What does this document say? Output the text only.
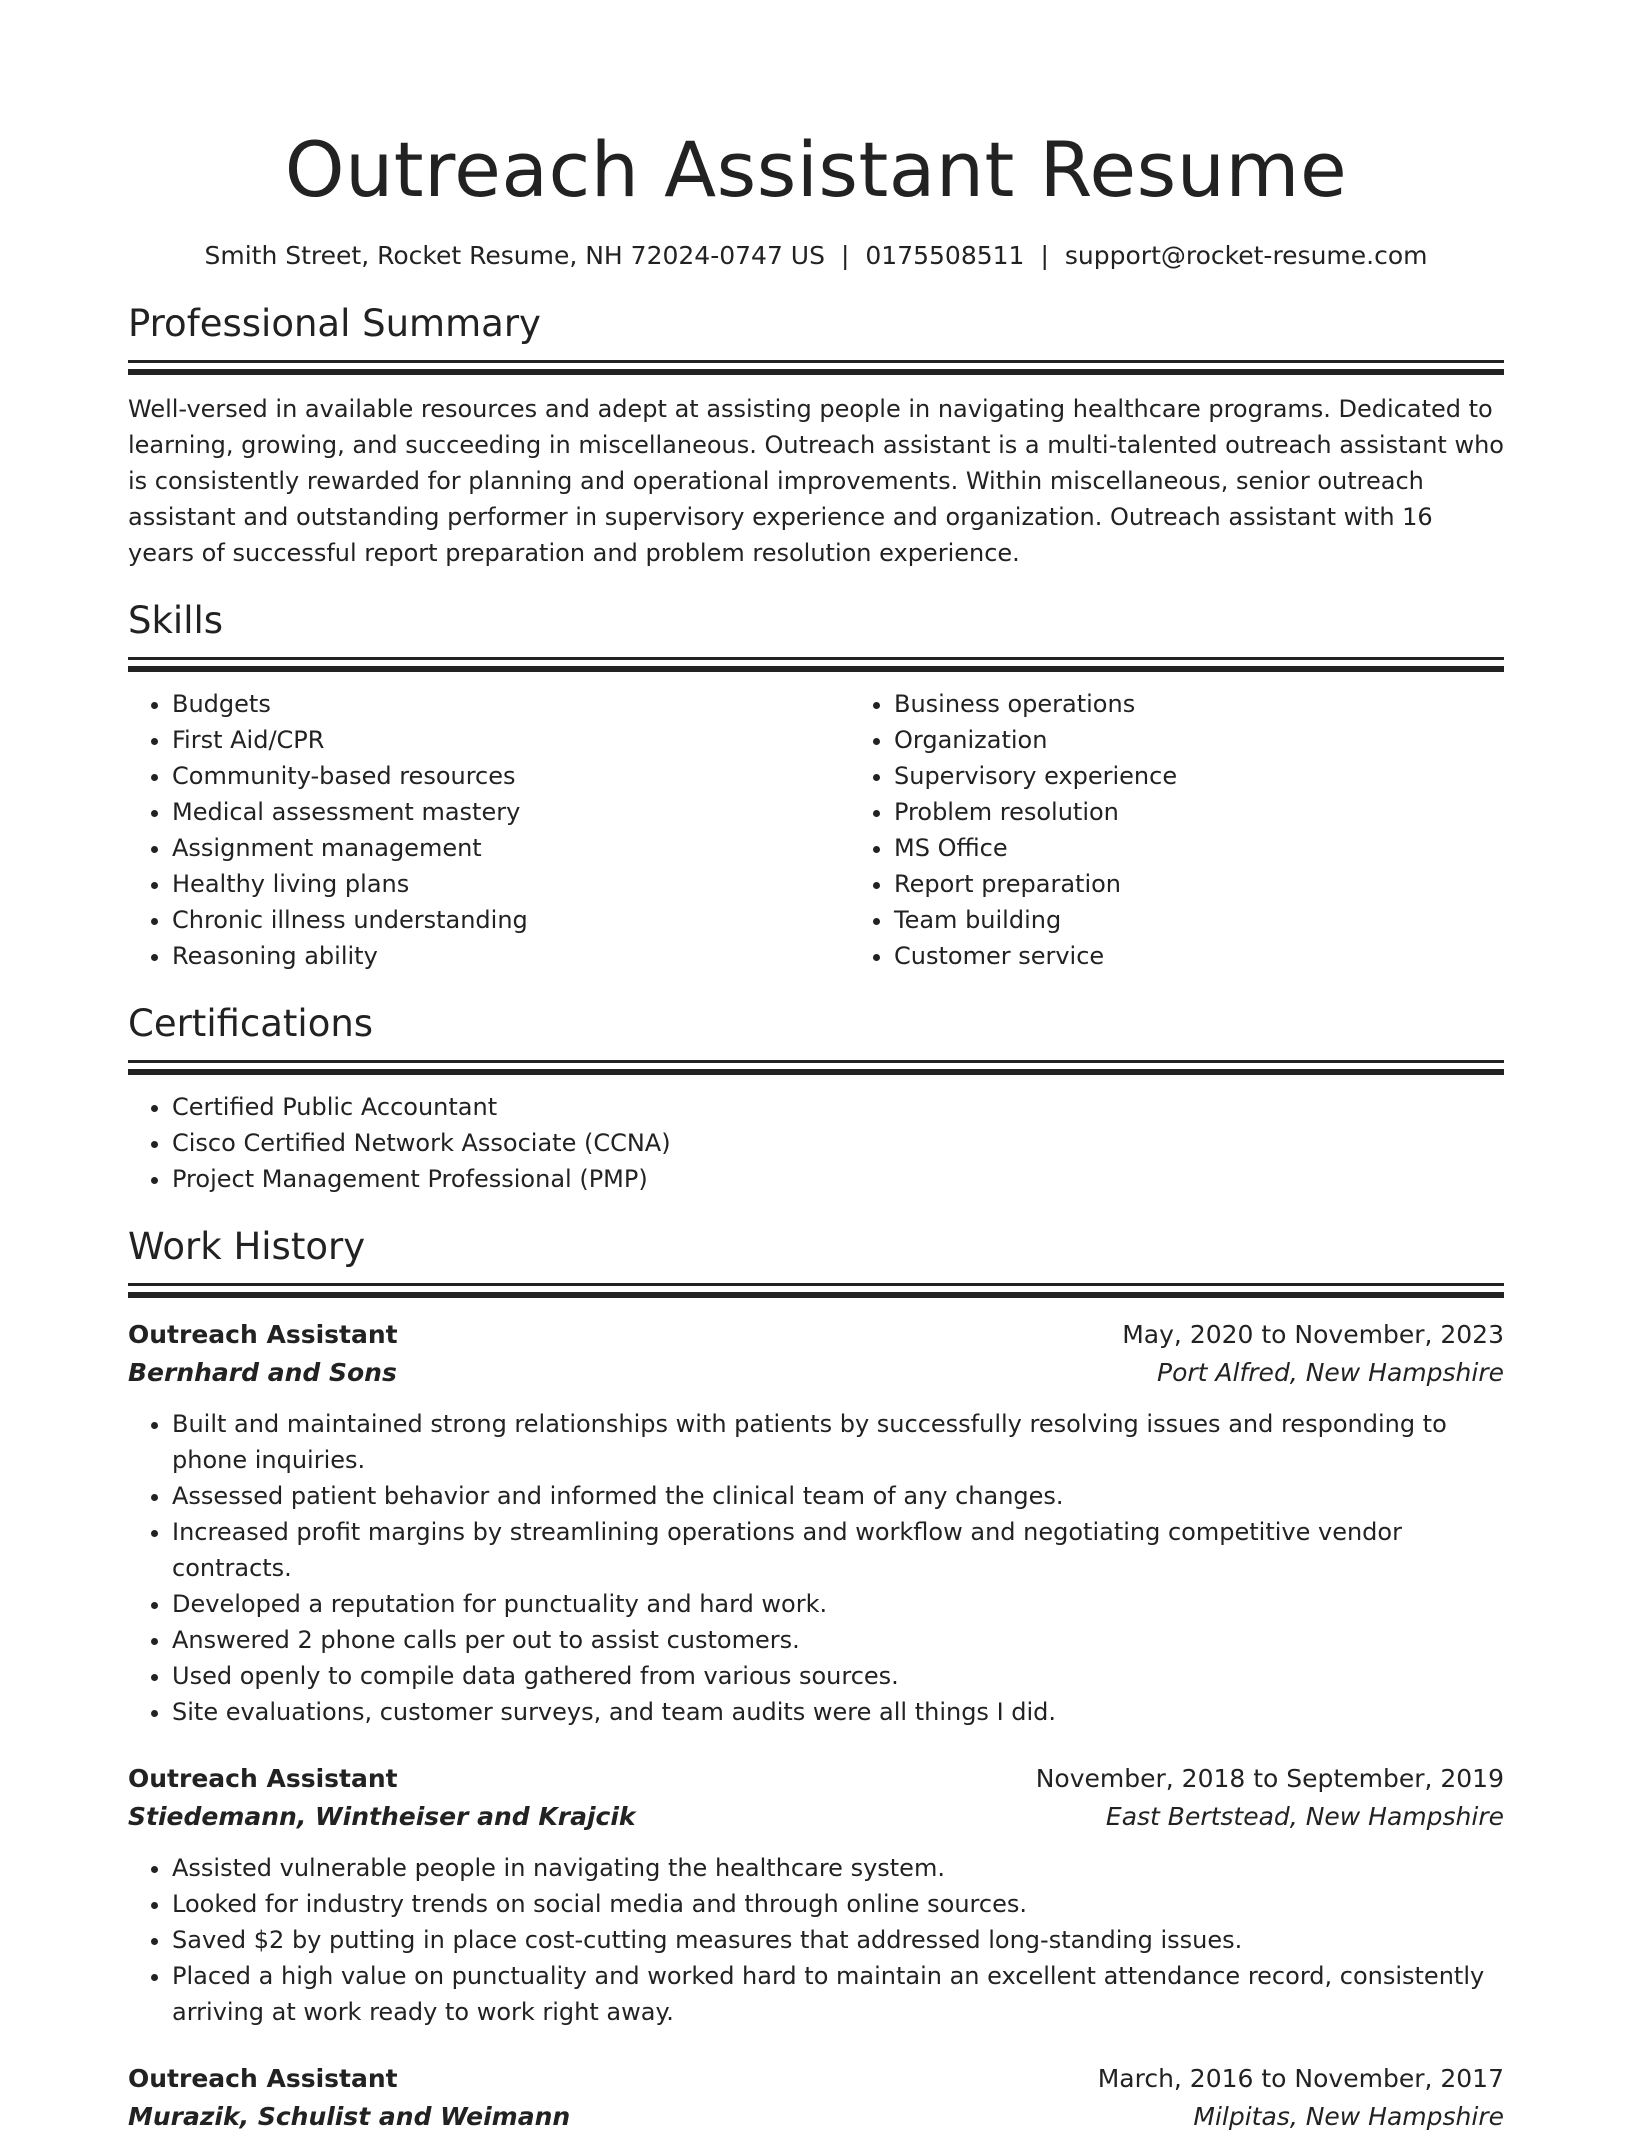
Outreach Assistant Resume
Smith Street, Rocket Resume, NH 72024-0747 US | 0175508511 | support@rocket-resume.com
Professional Summary

Well-versed in available resources and adept at assisting people in navigating healthcare programs. Dedicated to learning, growing, and succeeding in miscellaneous. Outreach assistant is a multi-talented outreach assistant who is consistently rewarded for planning and operational improvements. Within miscellaneous, senior outreach assistant and outstanding performer in supervisory experience and organization. Outreach assistant with 16 years of successful report preparation and problem resolution experience.

Skills
• Budgets
• First Aid/CPR
• Community-based resources
• Medical assessment mastery
• Assignment management
• Healthy living plans
• Chronic illness understanding
• Reasoning ability
• Business operations
• Organization
• Supervisory experience
• Problem resolution
• MS Office
• Report preparation
• Team building
• Customer service
Certifications
• Certified Public Accountant
• Cisco Certified Network Associate (CCNA)
• Project Management Professional (PMP)
Work History
Outreach Assistant	May, 2020 to November, 2023
Bernhard and Sons	Port Alfred, New Hampshire
• Built and maintained strong relationships with patients by successfully resolving issues and responding to phone inquiries.
• Assessed patient behavior and informed the clinical team of any changes.
• Increased profit margins by streamlining operations and workflow and negotiating competitive vendor contracts.
• Developed a reputation for punctuality and hard work.
• Answered 2 phone calls per out to assist customers.
• Used openly to compile data gathered from various sources.
• Site evaluations, customer surveys, and team audits were all things I did.
Outreach Assistant	November, 2018 to September, 2019
Stiedemann, Wintheiser and Krajcik	East Bertstead, New Hampshire
• Assisted vulnerable people in navigating the healthcare system.
• Looked for industry trends on social media and through online sources.
• Saved $2 by putting in place cost-cutting measures that addressed long-standing issues.
• Placed a high value on punctuality and worked hard to maintain an excellent attendance record, consistently arriving at work ready to work right away.
Outreach Assistant	March, 2016 to November, 2017
Murazik, Schulist and Weimann	Milpitas, New Hampshire
